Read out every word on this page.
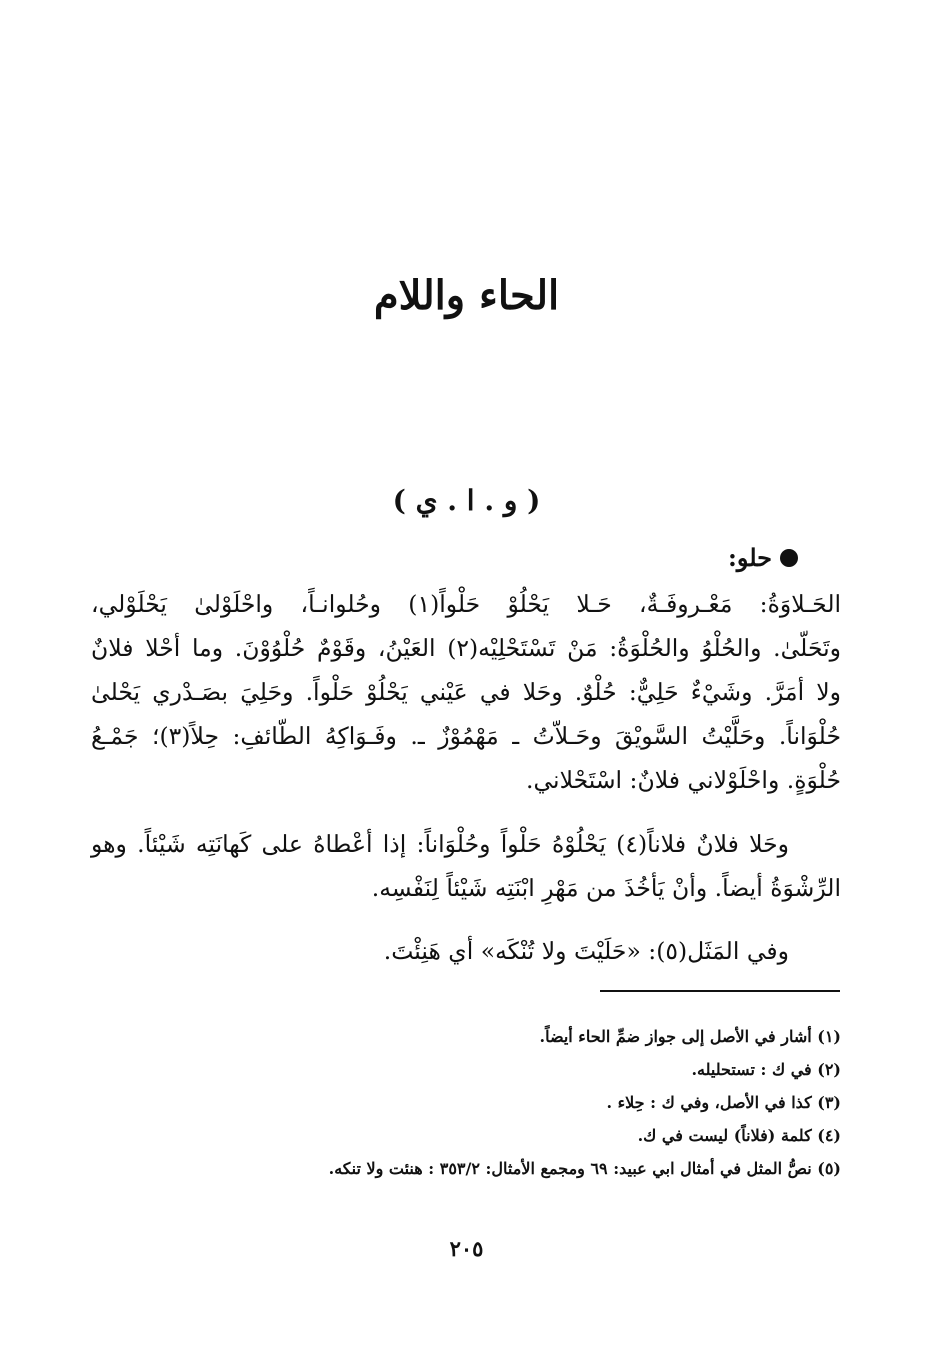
الحاء واللام
( و . ا . ي )
حلو:
الحَـلاوَةُ: مَعْـروفَـةٌ، حَـلا يَحْلُوْ حَلْواً(١) وحُلوانـاً، واحْلَوْلىٰ يَحْلَوْلي،
وتَحَلّىٰ. والحُلْوُ والحُلْوَةُ: مَنْ تَسْتَحْلِيْه(٢) العَيْنُ، وقَوْمٌ حُلْوُوْنَ. وما أحْلا فلانٌ
ولا أمَرَّ. وشَيْءٌ حَلِيٌّ: حُلْوٌ. وحَلا في عَيْني يَحْلُوْ حَلْواً. وحَلِيَ بصَـدْري يَحْلىٰ
حُلْوَاناً. وحَلَّيْتُ السَّويْقَ وحَـلاّتُ ـ مَهْمُوْزٌ ـ. وفَـوَاكِهُ الطّائفِ: حِلاً(٣)؛ جَمْـعُ
حُلْوَةٍ. واحْلَوْلاني فلانٌ: اسْتَحْلاني.
وحَلا فلانٌ فلاناً(٤) يَحْلُوْهُ حَلْواً وحُلْوَاناً: إذا أعْطاهُ على كَهانَتِه شَيْئاً. وهو
الرِّشْوَةُ أيضاً. وأنْ يَأخُذَ من مَهْرِ ابْنَتِه شَيْئاً لِنَفْسِه.
وفي المَثَل(٥): «حَلَيْتَ ولا تُنْكَه» أي هَنِئْتَ.
(١) أشار في الأصل إلى جواز ضمِّ الحاء أيضاً.
(٢) في ك : تستحليله.
(٣) كذا في الأصل، وفي ك : حِلاء .
(٤) كلمة (فلاناً) ليست في ك.
(٥) نصُّ المثل في أمثال ابي عبيد: ٦٩ ومجمع الأمثال: ٣٥٣/٢ : هنئت ولا تنكه.
٢٠٥
